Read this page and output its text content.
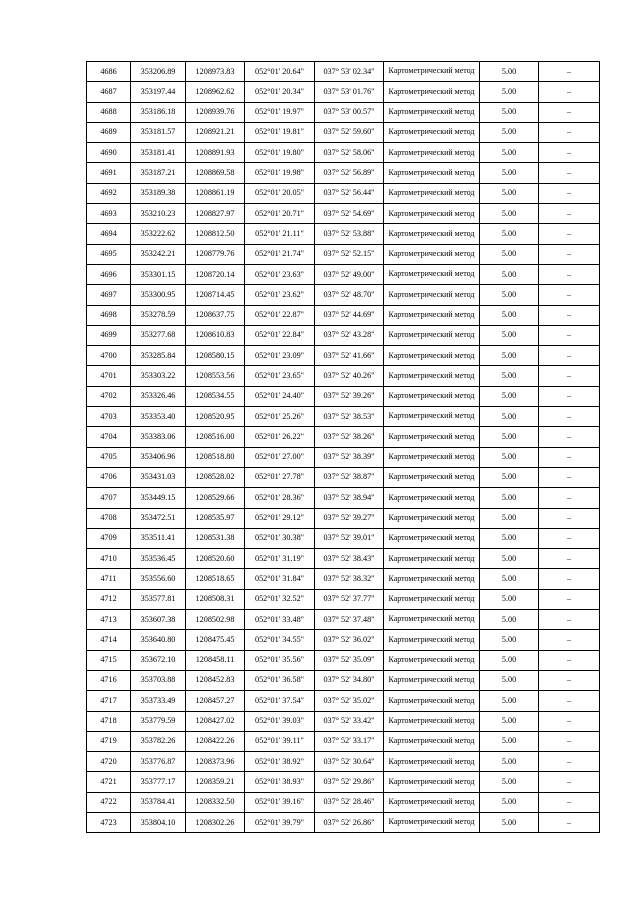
4686	353206.89	1208973.83	052°01' 20.64"	037° 53' 02.34"	Картометрический метод	5.00	–
4687	353197.44	1208962.62	052°01' 20.34"	037° 53' 01.76"	Картометрический метод	5.00	–
4688	353186.18	1208939.76	052°01' 19.97"	037° 53' 00.57"	Картометрический метод	5.00	–
4689	353181.57	1208921.21	052°01' 19.81"	037° 52' 59.60"	Картометрический метод	5.00	–
4690	353181.41	1208891.93	052°01' 19.80"	037° 52' 58.06"	Картометрический метод	5.00	–
4691	353187.21	1208869.58	052°01' 19.98"	037° 52' 56.89"	Картометрический метод	5.00	–
4692	353189.38	1208861.19	052°01' 20.05"	037° 52' 56.44"	Картометрический метод	5.00	–
4693	353210.23	1208827.97	052°01' 20.71"	037° 52' 54.69"	Картометрический метод	5.00	–
4694	353222.62	1208812.50	052°01' 21.11"	037° 52' 53.88"	Картометрический метод	5.00	–
4695	353242.21	1208779.76	052°01' 21.74"	037° 52' 52.15"	Картометрический метод	5.00	–
4696	353301.15	1208720.14	052°01' 23.63"	037° 52' 49.00"	Картометрический метод	5.00	–
4697	353300.95	1208714.45	052°01' 23.62"	037° 52' 48.70"	Картометрический метод	5.00	–
4698	353278.59	1208637.75	052°01' 22.87"	037° 52' 44.69"	Картометрический метод	5.00	–
4699	353277.68	1208610.83	052°01' 22.84"	037° 52' 43.28"	Картометрический метод	5.00	–
4700	353285.84	1208580.15	052°01' 23.09"	037° 52' 41.66"	Картометрический метод	5.00	–
4701	353303.22	1208553.56	052°01' 23.65"	037° 52' 40.26"	Картометрический метод	5.00	–
4702	353326.46	1208534.55	052°01' 24.40"	037° 52' 39.26"	Картометрический метод	5.00	–
4703	353353.40	1208520.95	052°01' 25.26"	037° 52' 38.53"	Картометрический метод	5.00	–
4704	353383.06	1208516.00	052°01' 26.22"	037° 52' 38.26"	Картометрический метод	5.00	–
4705	353406.96	1208518.80	052°01' 27.00"	037° 52' 38.39"	Картометрический метод	5.00	–
4706	353431.03	1208528.02	052°01' 27.78"	037° 52' 38.87"	Картометрический метод	5.00	–
4707	353449.15	1208529.66	052°01' 28.36"	037° 52' 38.94"	Картометрический метод	5.00	–
4708	353472.51	1208535.97	052°01' 29.12"	037° 52' 39.27"	Картометрический метод	5.00	–
4709	353511.41	1208531.38	052°01' 30.38"	037° 52' 39.01"	Картометрический метод	5.00	–
4710	353536.45	1208520.60	052°01' 31.19"	037° 52' 38.43"	Картометрический метод	5.00	–
4711	353556.60	1208518.65	052°01' 31.84"	037° 52' 38.32"	Картометрический метод	5.00	–
4712	353577.81	1208508.31	052°01' 32.52"	037° 52' 37.77"	Картометрический метод	5.00	–
4713	353607.38	1208502.98	052°01' 33.48"	037° 52' 37.48"	Картометрический метод	5.00	–
4714	353640.80	1208475.45	052°01' 34.55"	037° 52' 36.02"	Картометрический метод	5.00	–
4715	353672.10	1208458.11	052°01' 35.56"	037° 52' 35.09"	Картометрический метод	5.00	–
4716	353703.88	1208452.83	052°01' 36.58"	037° 52' 34.80"	Картометрический метод	5.00	–
4717	353733.49	1208457.27	052°01' 37.54"	037° 52' 35.02"	Картометрический метод	5.00	–
4718	353779.59	1208427.02	052°01' 39.03"	037° 52' 33.42"	Картометрический метод	5.00	–
4719	353782.26	1208422.26	052°01' 39.11"	037° 52' 33.17"	Картометрический метод	5.00	–
4720	353776.87	1208373.96	052°01' 38.92"	037° 52' 30.64"	Картометрический метод	5.00	–
4721	353777.17	1208359.21	052°01' 38.93"	037° 52' 29.86"	Картометрический метод	5.00	–
4722	353784.41	1208332.50	052°01' 39.16"	037° 52' 28.46"	Картометрический метод	5.00	–
4723	353804.10	1208302.26	052°01' 39.79"	037° 52' 26.86"	Картометрический метод	5.00	–
